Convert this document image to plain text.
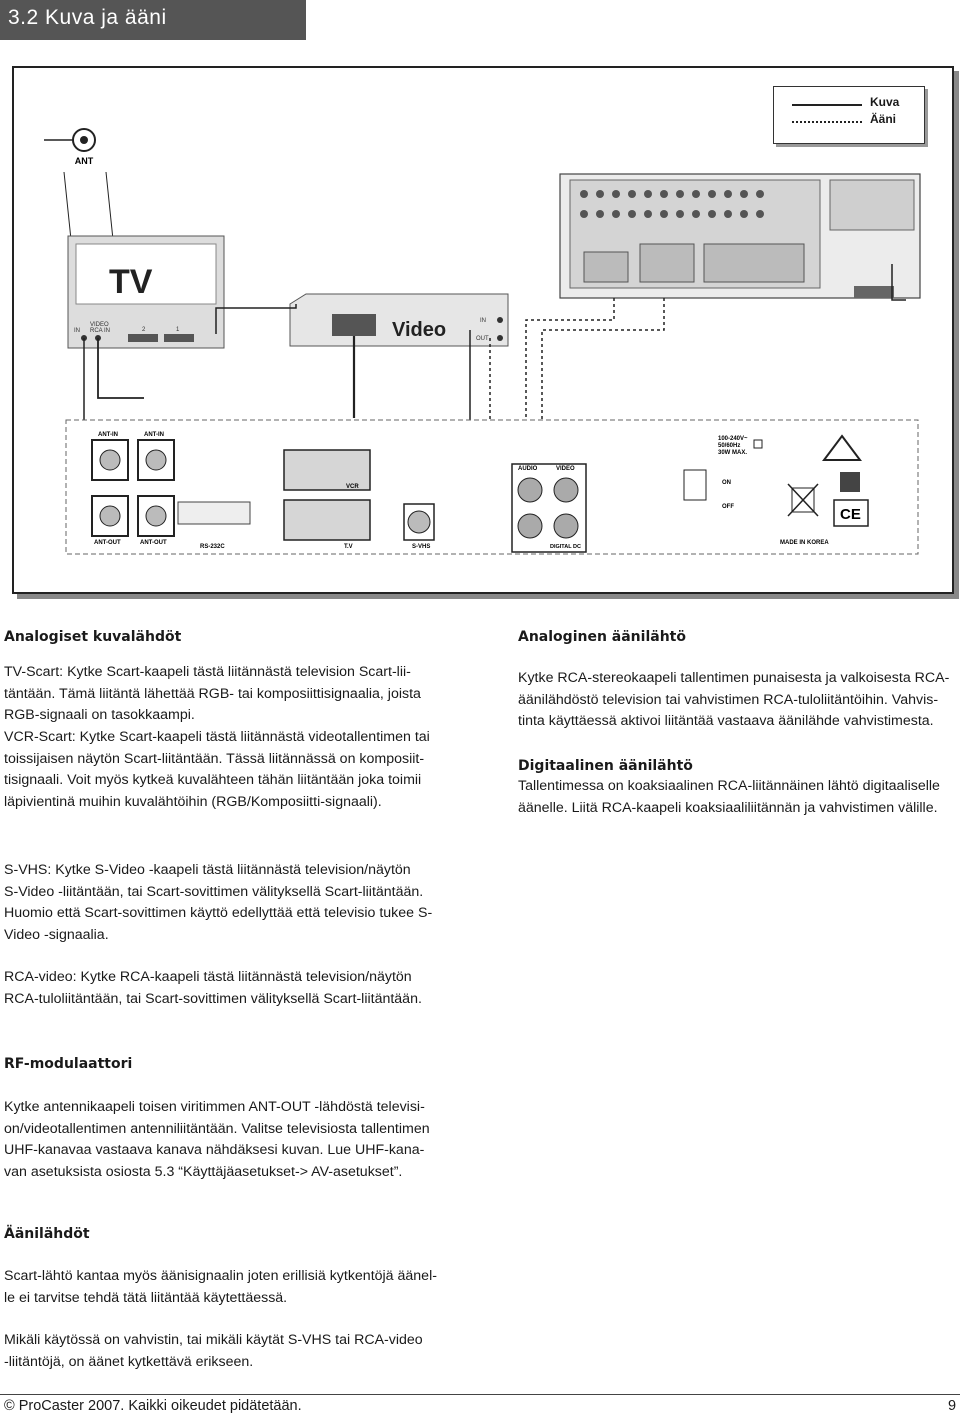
3.2 Kuva ja ääni
ANT
TV
IN
VIDEO
RCA IN	2	1	Video	IN
OUT
ANT-IN	ANT-IN
ANT-OUT	ANT-OUT
RS-232C
VCR
T.V	S-VHS
AUDIO	VIDEO
DIGITAL DC
ON
OFF
100-240V~
50/60Hz
30W MAX.
CE
MADE IN KOREA
Kuva
Ääni
Analogiset kuvalähdöt
TV-Scart: Kytke Scart-kaapeli tästä liitännästä television Scart-lii-
täntään. Tämä liitäntä lähettää RGB- tai komposiittisignaalia, joista
RGB-signaali on tasokkaampi.
VCR-Scart: Kytke Scart-kaapeli tästä liitännästä videotallentimen tai
toissijaisen näytön Scart-liitäntään. Tässä liitännässä on komposiit-
tisignaali. Voit myös kytkeä kuvalähteen tähän liitäntään joka toimii
läpivientinä muihin kuvalähtöihin (RGB/Komposiitti-signaali).
S-VHS: Kytke S-Video -kaapeli tästä liitännästä television/näytön
S-Video -liitäntään, tai Scart-sovittimen välityksellä Scart-liitäntään.
Huomio että Scart-sovittimen käyttö edellyttää että televisio tukee S-
Video -signaalia.
RCA-video: Kytke RCA-kaapeli tästä liitännästä television/näytön
RCA-tuloliitäntään, tai Scart-sovittimen välityksellä Scart-liitäntään.
RF-modulaattori
Kytke antennikaapeli toisen viritimmen ANT-OUT -lähdöstä televisi-
on/videotallentimen antenniliitäntään. Valitse televisiosta tallentimen
UHF-kanavaa vastaava kanava nähdäksesi kuvan. Lue UHF-kana-
van asetuksista osiosta 5.3 “Käyttäjäasetukset-> AV-asetukset”.
Äänilähdöt
Scart-lähtö kantaa myös äänisignaalin joten erillisiä kytkentöjä äänel-
le ei tarvitse tehdä tätä liitäntää käytettäessä.
Mikäli käytössä on vahvistin, tai mikäli käytät S-VHS tai RCA-video
-liitäntöjä, on äänet kytkettävä erikseen.
Analoginen äänilähtö
Kytke RCA-stereokaapeli tallentimen punaisesta ja valkoisesta RCA-
äänilähdöstö television tai vahvistimen RCA-tuloliitäntöihin. Vahvis-
tinta käyttäessä aktivoi liitäntää vastaava äänilähde vahvistimesta.
Digitaalinen äänilähtö
Tallentimessa on koaksiaalinen RCA-liitännäinen lähtö digitaaliselle
äänelle. Liitä RCA-kaapeli koaksiaaliliitännän ja vahvistimen välille.
© ProCaster 2007. Kaikki oikeudet pidätetään.	9
